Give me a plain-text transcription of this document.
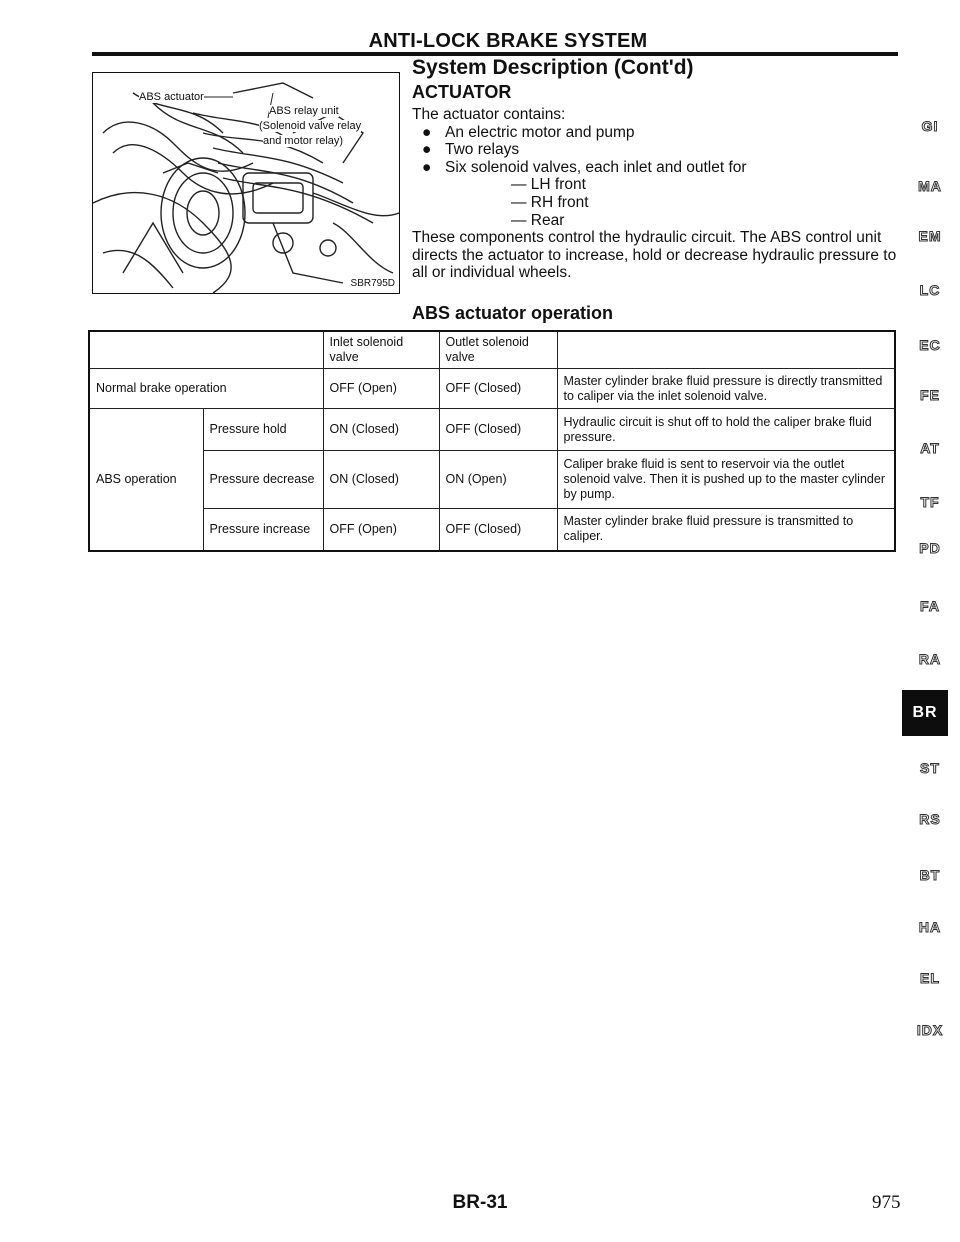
ANTI-LOCK BRAKE SYSTEM
System Description (Cont'd)
ABS actuator
ABS relay unit
(Solenoid valve relay
and motor relay)
SBR795D
ACTUATOR

The actuator contains:

● An electric motor and pump
● Two relays
● Six solenoid valves, each inlet and outlet for
— LH front
— RH front
— Rear

These components control the hydraulic circuit. The ABS control unit directs the actuator to increase, hold or decrease hydraulic pressure to all or individual wheels.

ABS actuator operation
		Inlet solenoid valve	Outlet solenoid valve	
Normal brake operation		OFF (Open)	OFF (Closed)	Master cylinder brake fluid pressure is directly transmitted to caliper via the inlet solenoid valve.
ABS operation	Pressure hold	ON (Closed)	OFF (Closed)	Hydraulic circuit is shut off to hold the caliper brake fluid pressure.
	Pressure decrease	ON (Closed)	ON (Open)	Caliper brake fluid is sent to reservoir via the outlet solenoid valve. Then it is pushed up to the master cylinder by pump.
	Pressure increase	OFF (Open)	OFF (Closed)	Master cylinder brake fluid pressure is transmitted to caliper.
GI
MA
EM
LC
EC
FE
AT
TF
PD
FA
RA
BR
ST
RS
BT
HA
EL
IDX
BR-31	975
